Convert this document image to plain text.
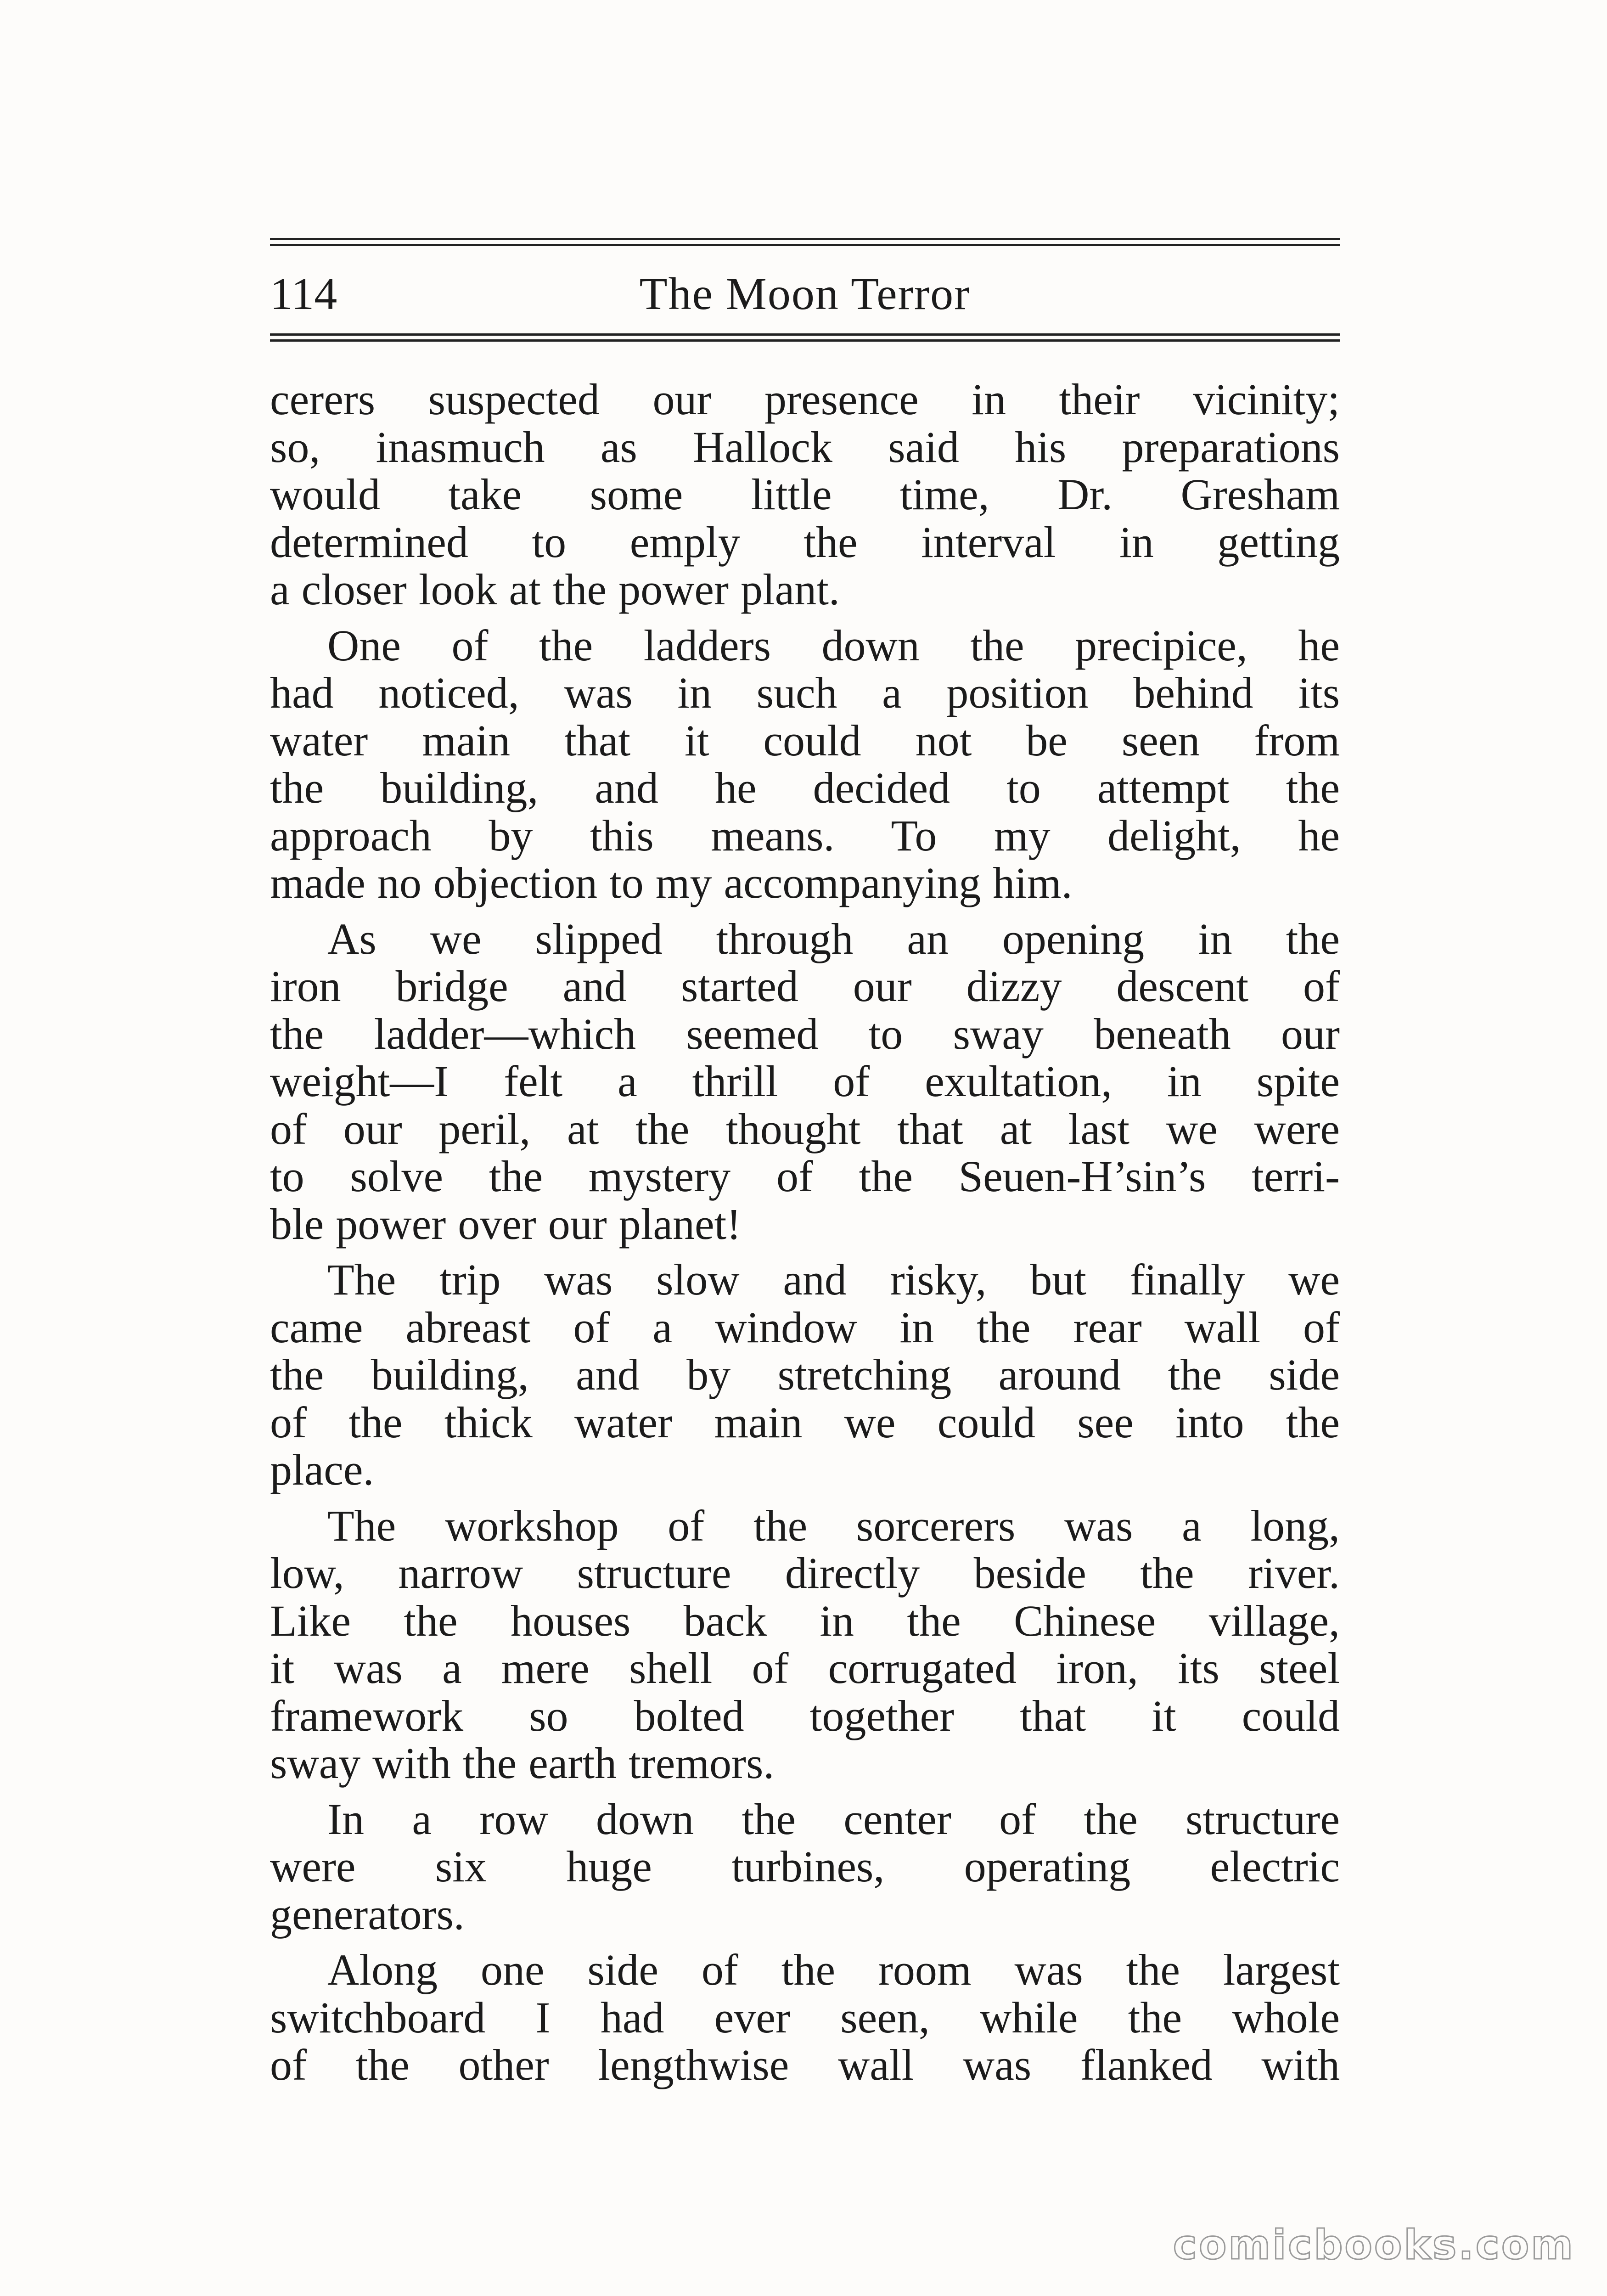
114	The Moon Terror
cerers suspected our presence in their vicinity;
so, inasmuch as Hallock said his preparations
would take some little time, Dr. Gresham
determined to emply the interval in getting
a closer look at the power plant.
One of the ladders down the precipice, he
had noticed, was in such a position behind its
water main that it could not be seen from
the building, and he decided to attempt the
approach by this means. To my delight, he
made no objection to my accompanying him.
As we slipped through an opening in the
iron bridge and started our dizzy descent of
the ladder—which seemed to sway beneath our
weight—I felt a thrill of exultation, in spite
of our peril, at the thought that at last we were
to solve the mystery of the Seuen-H’sin’s terri-
ble power over our planet!
The trip was slow and risky, but finally we
came abreast of a window in the rear wall of
the building, and by stretching around the side
of the thick water main we could see into the
place.
The workshop of the sorcerers was a long,
low, narrow structure directly beside the river.
Like the houses back in the Chinese village,
it was a mere shell of corrugated iron, its steel
framework so bolted together that it could
sway with the earth tremors.
In a row down the center of the structure
were six huge turbines, operating electric
generators.
Along one side of the room was the largest
switchboard I had ever seen, while the whole
of the other lengthwise wall was flanked with
comicbooks.com
